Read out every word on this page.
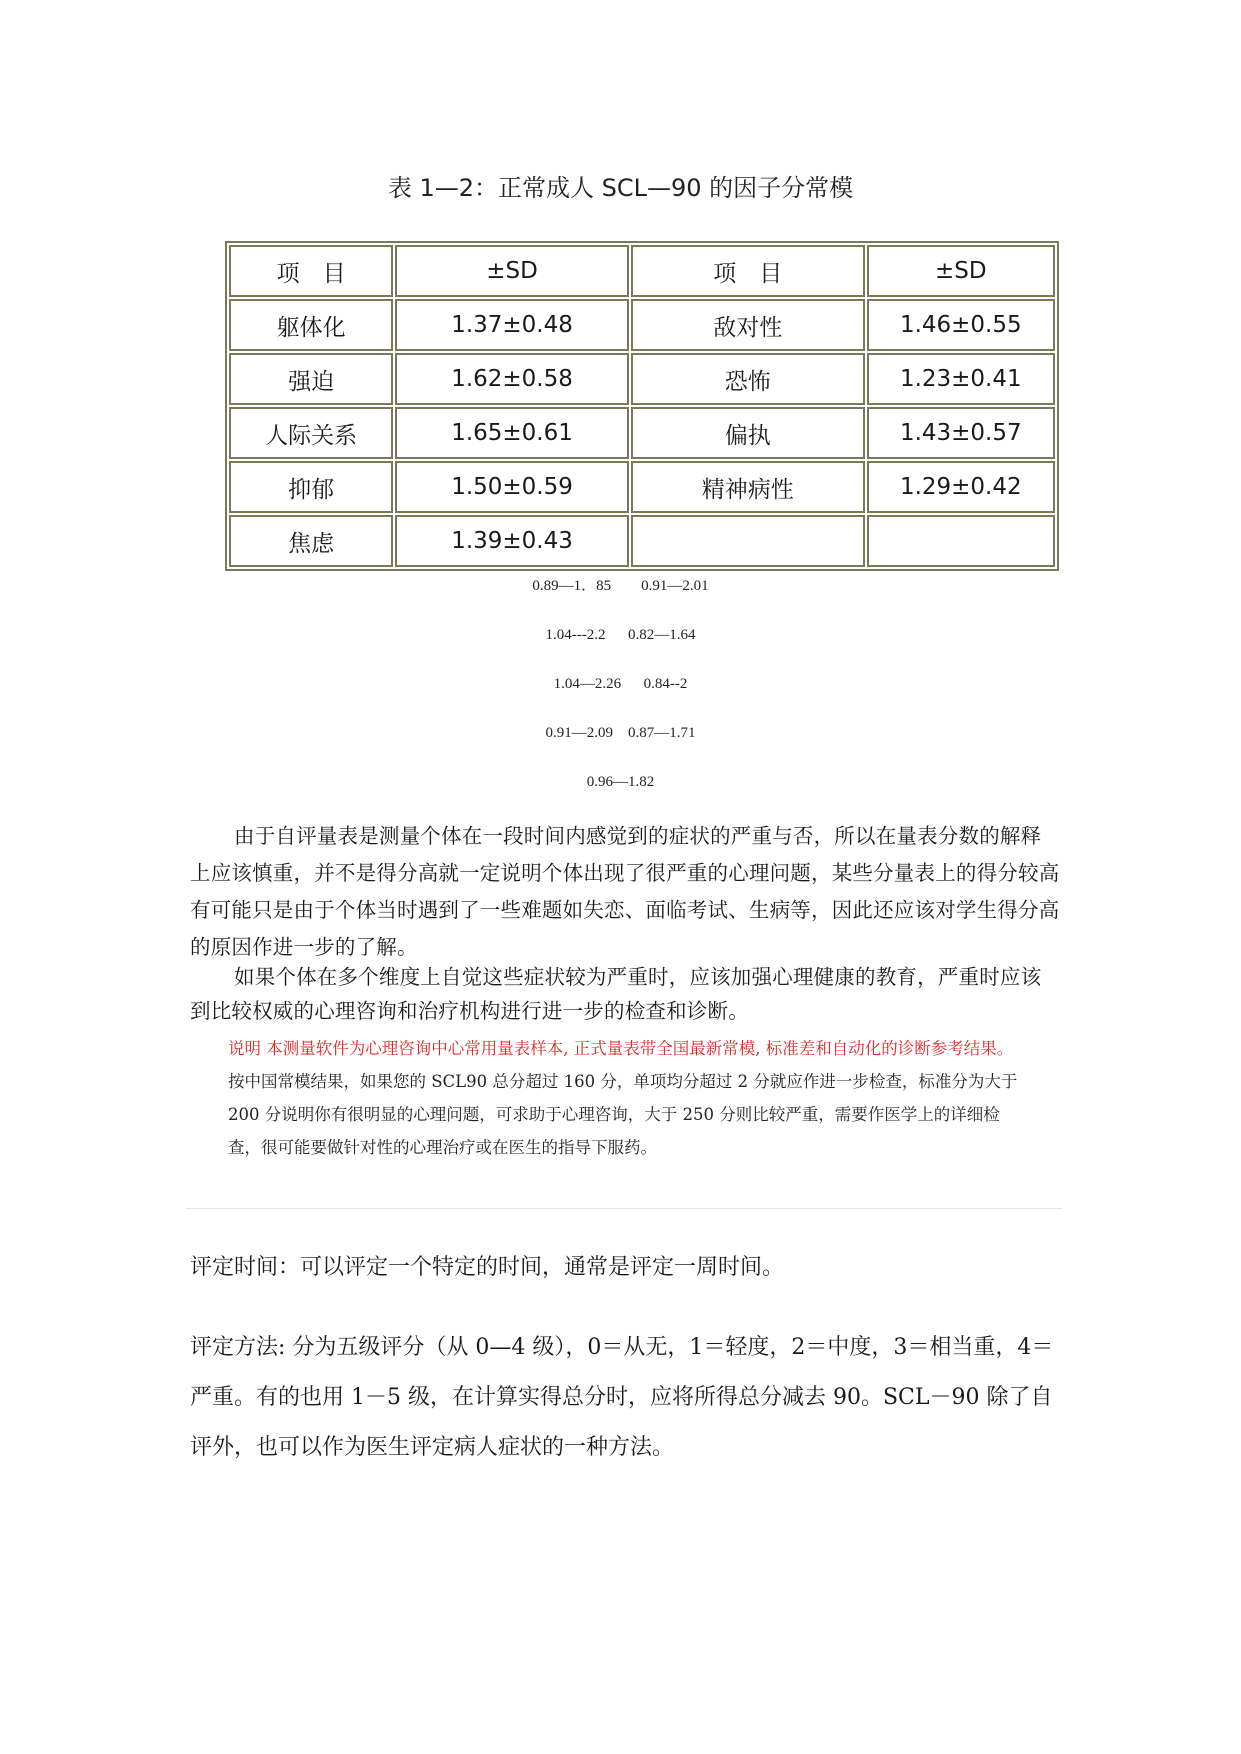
表 1—2：正常成人 SCL—90 的因子分常模
项　目	±SD	项　目	±SD
躯体化	1.37±0.48	敌对性	1.46±0.55
强迫	1.62±0.58	恐怖	1.23±0.41
人际关系	1.65±0.61	偏执	1.43±0.57
抑郁	1.50±0.59	精神病性	1.29±0.42
焦虑	1.39±0.43		
0.89—1．85        0.91—2.01
1.04---2.2      0.82—1.64
1.04—2.26      0.84--2
0.91—2.09    0.87—1.71
0.96—1.82
由于自评量表是测量个体在一段时间内感觉到的症状的严重与否，所以在量表分数的解释上应该慎重，并不是得分高就一定说明个体出现了很严重的心理问题，某些分量表上的得分较高有可能只是由于个体当时遇到了一些难题如失恋、面临考试、生病等，因此还应该对学生得分高的原因作进一步的了解。
如果个体在多个维度上自觉这些症状较为严重时，应该加强心理健康的教育，严重时应该到比较权威的心理咨询和治疗机构进行进一步的检查和诊断。
说明 本测量软件为心理咨询中心常用量表样本, 正式量表带全国最新常模, 标准差和自动化的诊断参考结果。按中国常模结果，如果您的 SCL90 总分超过 160 分，单项均分超过 2 分就应作进一步检查，标准分为大于 200 分说明你有很明显的心理问题，可求助于心理咨询，大于 250 分则比较严重，需要作医学上的详细检查，很可能要做针对性的心理治疗或在医生的指导下服药。
评定时间：可以评定一个特定的时间，通常是评定一周时间。
评定方法: 分为五级评分（从 0—4 级），0＝从无，1＝轻度，2＝中度，3＝相当重，4＝严重。有的也用 1－5 级，在计算实得总分时，应将所得总分减去 90。SCL－90 除了自评外，也可以作为医生评定病人症状的一种方法。
